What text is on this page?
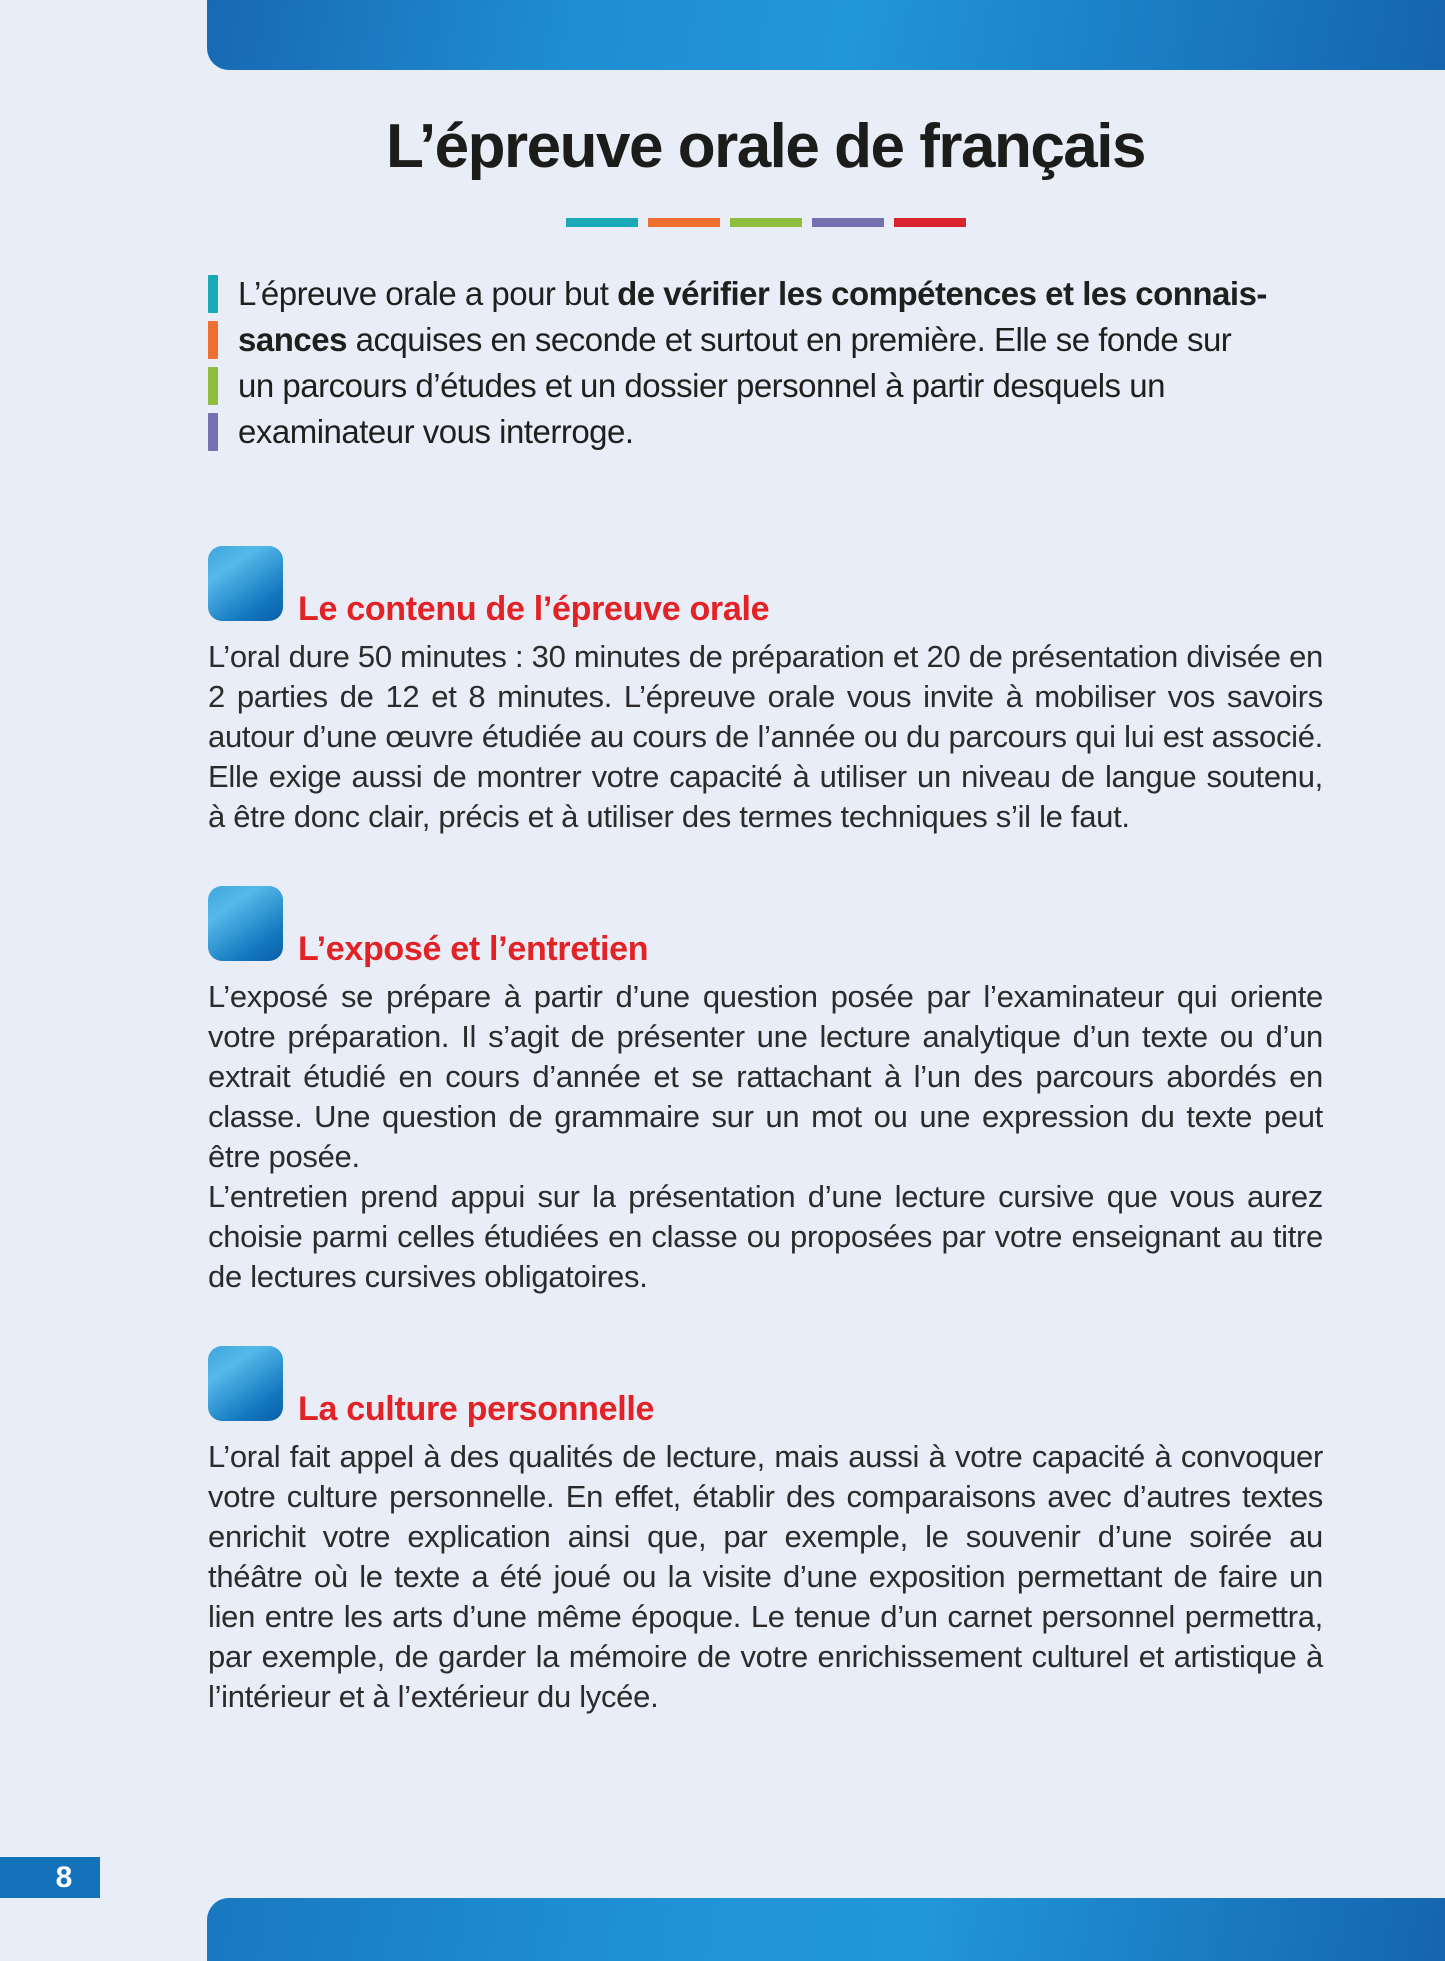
L’épreuve orale de français
L’épreuve orale a pour but de vérifier les compétences et les connais-
sances acquises en seconde et surtout en première. Elle se fonde sur
un parcours d’études et un dossier personnel à partir desquels un
examinateur vous interroge.
Le contenu de l’épreuve orale

L’oral dure 50 minutes : 30 minutes de préparation et 20 de présentation divisée en 2 parties de 12 et 8 minutes. L’épreuve orale vous invite à mobiliser vos savoirs autour d’une œuvre étudiée au cours de l’année ou du parcours qui lui est associé. Elle exige aussi de montrer votre capacité à utiliser un niveau de langue soutenu, à être donc clair, précis et à utiliser des termes techniques s’il le faut.

L’exposé et l’entretien

L’exposé se prépare à partir d’une question posée par l’examinateur qui oriente votre préparation. Il s’agit de présenter une lecture analytique d’un texte ou d’un extrait étudié en cours d’année et se rattachant à l’un des parcours abordés en classe. Une question de grammaire sur un mot ou une expression du texte peut être posée.

L’entretien prend appui sur la présentation d’une lecture cursive que vous aurez choisie parmi celles étudiées en classe ou proposées par votre enseignant au titre de lectures cursives obligatoires.

La culture personnelle

L’oral fait appel à des qualités de lecture, mais aussi à votre capacité à convoquer votre culture personnelle. En effet, établir des comparaisons avec d’autres textes enrichit votre explication ainsi que, par exemple, le souvenir d’une soirée au théâtre où le texte a été joué ou la visite d’une exposition permettant de faire un lien entre les arts d’une même époque. Le tenue d’un carnet personnel permettra, par exemple, de garder la mémoire de votre enrichissement culturel et artistique à l’intérieur et à l’extérieur du lycée.

8
